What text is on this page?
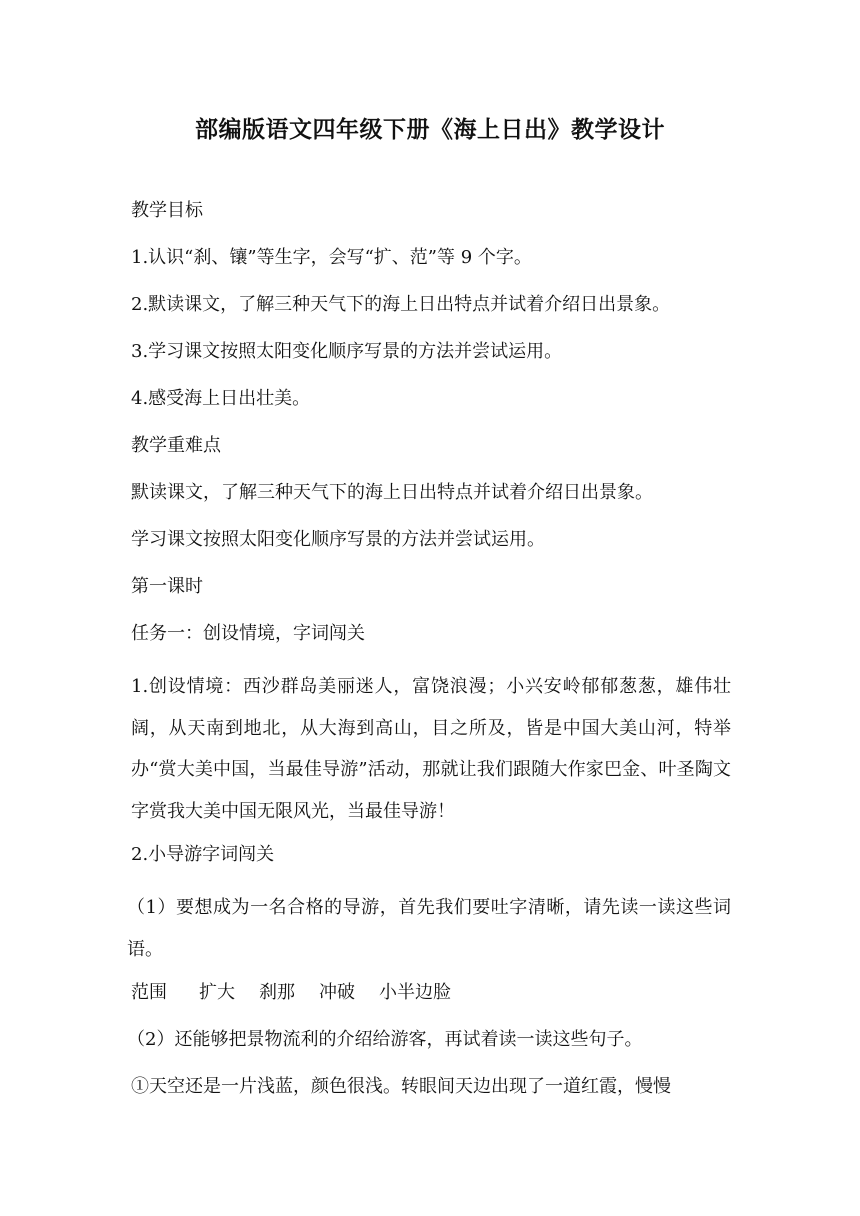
部编版语文四年级下册《海上日出》教学设计

教学目标

1.认识“刹、镶”等生字，会写“扩、范”等 9 个字。

2.默读课文，了解三种天气下的海上日出特点并试着介绍日出景象。

3.学习课文按照太阳变化顺序写景的方法并尝试运用。

4.感受海上日出壮美。

教学重难点

默读课文，了解三种天气下的海上日出特点并试着介绍日出景象。

学习课文按照太阳变化顺序写景的方法并尝试运用。

第一课时

任务一：创设情境，字词闯关

1.创设情境：西沙群岛美丽迷人，富饶浪漫；小兴安岭郁郁葱葱，雄伟壮阔，从天南到地北，从大海到高山，目之所及，皆是中国大美山河，特举办“赏大美中国，当最佳导游”活动，那就让我们跟随大作家巴金、叶圣陶文字赏我大美中国无限风光，当最佳导游！

2.小导游字词闯关

（1）要想成为一名合格的导游，首先我们要吐字清晰，请先读一读这些词语。

范围	扩大	刹那	冲破	小半边脸

（2）还能够把景物流利的介绍给游客，再试着读一读这些句子。

①天空还是一片浅蓝，颜色很浅。转眼间天边出现了一道红霞，慢慢
